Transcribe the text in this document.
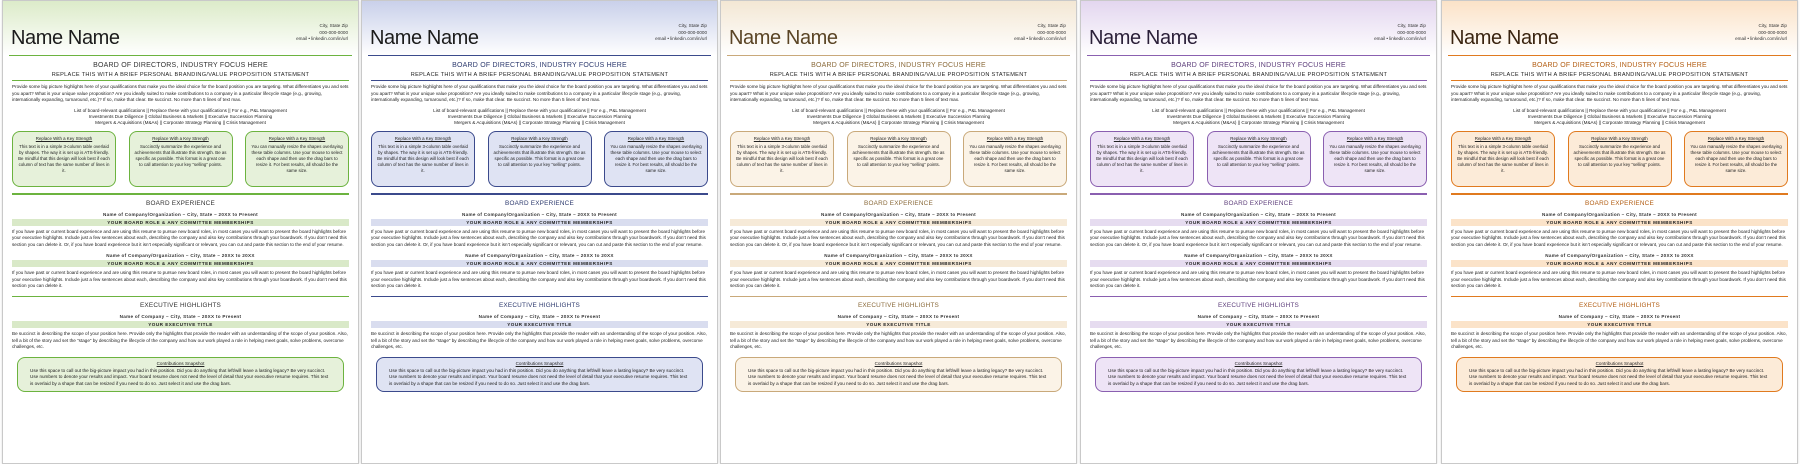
Name Name
City, State Zip
000-000-0000
email • linkedin.com/in/url
BOARD OF DIRECTORS, INDUSTRY FOCUS HERE
REPLACE THIS WITH A BRIEF PERSONAL BRANDING/VALUE PROPOSITION STATEMENT
Provide some big picture highlights here of your qualifications that make you the ideal choice for the board position you are targeting. What differentiates you and sets you apart? What is your unique value proposition? Are you ideally suited to make contributions to a company in a particular lifecycle stage (e.g., growing, internationally expanding, turnaround, etc.)? If so, make that clear. Be succinct. No more than 5 lines of text max.
List of board-relevant qualifications || Replace these with your qualifications || For e.g., P&L Management
Investments Due Diligence || Global Business & Markets || Executive Succession Planning
Mergers & Acquisitions (M&As) || Corporate Strategy Planning || Crisis Management
Replace With a Key Strength
This text is in a simple 3-column table overlaid by shapes. The way it is set up is ATS-friendly. Be mindful that this design will look best if each column of text has the same number of lines in it.
Replace With a Key Strength
Succinctly summarize the experience and achievements that illustrate this strength. Be as specific as possible. This format is a great one to call attention to your key “selling” points.
Replace With a Key Strength
You can manually resize the shapes overlaying these table columns. Use your mouse to select each shape and then use the drag bars to resize it. For best results, all should be the same size.
BOARD EXPERIENCE
Name of Company/Organization – City, State – 20XX to Present
YOUR BOARD ROLE & ANY COMMITTEE MEMBERSHIPS
If you have past or current board experience and are using this resume to pursue new board roles, in most cases you will want to present the board highlights before your executive highlights. Include just a few sentences about each, describing the company and also key contributions through your boardwork. If you don’t need this section you can delete it. Or, if you have board experience but it isn’t especially significant or relevant, you can cut and paste this section to the end of your resume.
Name of Company/Organization – City, State – 20XX to 20XX
YOUR BOARD ROLE & ANY COMMITTEE MEMBERSHIPS
If you have past or current board experience and are using this resume to pursue new board roles, in most cases you will want to present the board highlights before your executive highlights. Include just a few sentences about each, describing the company and also key contributions through your boardwork. If you don’t need this section you can delete it.
EXECUTIVE HIGHLIGHTS
Name of Company – City, State – 20XX to Present
YOUR EXECUTIVE TITLE
Be succinct in describing the scope of your position here. Provide only the highlights that provide the reader with an understanding of the scope of your position. Also, tell a bit of the story and set the “stage” by describing the lifecycle of the company and how our work played a role in helping meet goals, solve problems, overcome challenges, etc.
Contributions Snapshot
Use this space to call out the big-picture impact you had in this position. Did you do anything that left/will leave a lasting legacy? Be very succinct. Use numbers to denote your results and impact. Your board resume does not need the level of detail that your executive resume requires. This text is overlaid by a shape that can be resized if you need to do so. Just select it and use the drag bars.
Name Name
City, State Zip
000-000-0000
email • linkedin.com/in/url
BOARD OF DIRECTORS, INDUSTRY FOCUS HERE
REPLACE THIS WITH A BRIEF PERSONAL BRANDING/VALUE PROPOSITION STATEMENT
Provide some big picture highlights here of your qualifications that make you the ideal choice for the board position you are targeting. What differentiates you and sets you apart? What is your unique value proposition? Are you ideally suited to make contributions to a company in a particular lifecycle stage (e.g., growing, internationally expanding, turnaround, etc.)? If so, make that clear. Be succinct. No more than 5 lines of text max.
List of board-relevant qualifications || Replace these with your qualifications || For e.g., P&L Management
Investments Due Diligence || Global Business & Markets || Executive Succession Planning
Mergers & Acquisitions (M&As) || Corporate Strategy Planning || Crisis Management
Replace With a Key Strength
This text is in a simple 3-column table overlaid by shapes. The way it is set up is ATS-friendly. Be mindful that this design will look best if each column of text has the same number of lines in it.
Replace With a Key Strength
Succinctly summarize the experience and achievements that illustrate this strength. Be as specific as possible. This format is a great one to call attention to your key “selling” points.
Replace With a Key Strength
You can manually resize the shapes overlaying these table columns. Use your mouse to select each shape and then use the drag bars to resize it. For best results, all should be the same size.
BOARD EXPERIENCE
Name of Company/Organization – City, State – 20XX to Present
YOUR BOARD ROLE & ANY COMMITTEE MEMBERSHIPS
If you have past or current board experience and are using this resume to pursue new board roles, in most cases you will want to present the board highlights before your executive highlights. Include just a few sentences about each, describing the company and also key contributions through your boardwork. If you don’t need this section you can delete it. Or, if you have board experience but it isn’t especially significant or relevant, you can cut and paste this section to the end of your resume.
Name of Company/Organization – City, State – 20XX to 20XX
YOUR BOARD ROLE & ANY COMMITTEE MEMBERSHIPS
If you have past or current board experience and are using this resume to pursue new board roles, in most cases you will want to present the board highlights before your executive highlights. Include just a few sentences about each, describing the company and also key contributions through your boardwork. If you don’t need this section you can delete it.
EXECUTIVE HIGHLIGHTS
Name of Company – City, State – 20XX to Present
YOUR EXECUTIVE TITLE
Be succinct in describing the scope of your position here. Provide only the highlights that provide the reader with an understanding of the scope of your position. Also, tell a bit of the story and set the “stage” by describing the lifecycle of the company and how our work played a role in helping meet goals, solve problems, overcome challenges, etc.
Contributions Snapshot
Use this space to call out the big-picture impact you had in this position. Did you do anything that left/will leave a lasting legacy? Be very succinct. Use numbers to denote your results and impact. Your board resume does not need the level of detail that your executive resume requires. This text is overlaid by a shape that can be resized if you need to do so. Just select it and use the drag bars.
Name Name
City, State Zip
000-000-0000
email • linkedin.com/in/url
BOARD OF DIRECTORS, INDUSTRY FOCUS HERE
REPLACE THIS WITH A BRIEF PERSONAL BRANDING/VALUE PROPOSITION STATEMENT
Provide some big picture highlights here of your qualifications that make you the ideal choice for the board position you are targeting. What differentiates you and sets you apart? What is your unique value proposition? Are you ideally suited to make contributions to a company in a particular lifecycle stage (e.g., growing, internationally expanding, turnaround, etc.)? If so, make that clear. Be succinct. No more than 5 lines of text max.
List of board-relevant qualifications || Replace these with your qualifications || For e.g., P&L Management
Investments Due Diligence || Global Business & Markets || Executive Succession Planning
Mergers & Acquisitions (M&As) || Corporate Strategy Planning || Crisis Management
Replace With a Key Strength
This text is in a simple 3-column table overlaid by shapes. The way it is set up is ATS-friendly. Be mindful that this design will look best if each column of text has the same number of lines in it.
Replace With a Key Strength
Succinctly summarize the experience and achievements that illustrate this strength. Be as specific as possible. This format is a great one to call attention to your key “selling” points.
Replace With a Key Strength
You can manually resize the shapes overlaying these table columns. Use your mouse to select each shape and then use the drag bars to resize it. For best results, all should be the same size.
BOARD EXPERIENCE
Name of Company/Organization – City, State – 20XX to Present
YOUR BOARD ROLE & ANY COMMITTEE MEMBERSHIPS
If you have past or current board experience and are using this resume to pursue new board roles, in most cases you will want to present the board highlights before your executive highlights. Include just a few sentences about each, describing the company and also key contributions through your boardwork. If you don’t need this section you can delete it. Or, if you have board experience but it isn’t especially significant or relevant, you can cut and paste this section to the end of your resume.
Name of Company/Organization – City, State – 20XX to 20XX
YOUR BOARD ROLE & ANY COMMITTEE MEMBERSHIPS
If you have past or current board experience and are using this resume to pursue new board roles, in most cases you will want to present the board highlights before your executive highlights. Include just a few sentences about each, describing the company and also key contributions through your boardwork. If you don’t need this section you can delete it.
EXECUTIVE HIGHLIGHTS
Name of Company – City, State – 20XX to Present
YOUR EXECUTIVE TITLE
Be succinct in describing the scope of your position here. Provide only the highlights that provide the reader with an understanding of the scope of your position. Also, tell a bit of the story and set the “stage” by describing the lifecycle of the company and how our work played a role in helping meet goals, solve problems, overcome challenges, etc.
Contributions Snapshot
Use this space to call out the big-picture impact you had in this position. Did you do anything that left/will leave a lasting legacy? Be very succinct. Use numbers to denote your results and impact. Your board resume does not need the level of detail that your executive resume requires. This text is overlaid by a shape that can be resized if you need to do so. Just select it and use the drag bars.
Name Name
City, State Zip
000-000-0000
email • linkedin.com/in/url
BOARD OF DIRECTORS, INDUSTRY FOCUS HERE
REPLACE THIS WITH A BRIEF PERSONAL BRANDING/VALUE PROPOSITION STATEMENT
Provide some big picture highlights here of your qualifications that make you the ideal choice for the board position you are targeting. What differentiates you and sets you apart? What is your unique value proposition? Are you ideally suited to make contributions to a company in a particular lifecycle stage (e.g., growing, internationally expanding, turnaround, etc.)? If so, make that clear. Be succinct. No more than 5 lines of text max.
List of board-relevant qualifications || Replace these with your qualifications || For e.g., P&L Management
Investments Due Diligence || Global Business & Markets || Executive Succession Planning
Mergers & Acquisitions (M&As) || Corporate Strategy Planning || Crisis Management
Replace With a Key Strength
This text is in a simple 3-column table overlaid by shapes. The way it is set up is ATS-friendly. Be mindful that this design will look best if each column of text has the same number of lines in it.
Replace With a Key Strength
Succinctly summarize the experience and achievements that illustrate this strength. Be as specific as possible. This format is a great one to call attention to your key “selling” points.
Replace With a Key Strength
You can manually resize the shapes overlaying these table columns. Use your mouse to select each shape and then use the drag bars to resize it. For best results, all should be the same size.
BOARD EXPERIENCE
Name of Company/Organization – City, State – 20XX to Present
YOUR BOARD ROLE & ANY COMMITTEE MEMBERSHIPS
If you have past or current board experience and are using this resume to pursue new board roles, in most cases you will want to present the board highlights before your executive highlights. Include just a few sentences about each, describing the company and also key contributions through your boardwork. If you don’t need this section you can delete it. Or, if you have board experience but it isn’t especially significant or relevant, you can cut and paste this section to the end of your resume.
Name of Company/Organization – City, State – 20XX to 20XX
YOUR BOARD ROLE & ANY COMMITTEE MEMBERSHIPS
If you have past or current board experience and are using this resume to pursue new board roles, in most cases you will want to present the board highlights before your executive highlights. Include just a few sentences about each, describing the company and also key contributions through your boardwork. If you don’t need this section you can delete it.
EXECUTIVE HIGHLIGHTS
Name of Company – City, State – 20XX to Present
YOUR EXECUTIVE TITLE
Be succinct in describing the scope of your position here. Provide only the highlights that provide the reader with an understanding of the scope of your position. Also, tell a bit of the story and set the “stage” by describing the lifecycle of the company and how our work played a role in helping meet goals, solve problems, overcome challenges, etc.
Contributions Snapshot
Use this space to call out the big-picture impact you had in this position. Did you do anything that left/will leave a lasting legacy? Be very succinct. Use numbers to denote your results and impact. Your board resume does not need the level of detail that your executive resume requires. This text is overlaid by a shape that can be resized if you need to do so. Just select it and use the drag bars.
Name Name
City, State Zip
000-000-0000
email • linkedin.com/in/url
BOARD OF DIRECTORS, INDUSTRY FOCUS HERE
REPLACE THIS WITH A BRIEF PERSONAL BRANDING/VALUE PROPOSITION STATEMENT
Provide some big picture highlights here of your qualifications that make you the ideal choice for the board position you are targeting. What differentiates you and sets you apart? What is your unique value proposition? Are you ideally suited to make contributions to a company in a particular lifecycle stage (e.g., growing, internationally expanding, turnaround, etc.)? If so, make that clear. Be succinct. No more than 5 lines of text max.
List of board-relevant qualifications || Replace these with your qualifications || For e.g., P&L Management
Investments Due Diligence || Global Business & Markets || Executive Succession Planning
Mergers & Acquisitions (M&As) || Corporate Strategy Planning || Crisis Management
Replace With a Key Strength
This text is in a simple 3-column table overlaid by shapes. The way it is set up is ATS-friendly. Be mindful that this design will look best if each column of text has the same number of lines in it.
Replace With a Key Strength
Succinctly summarize the experience and achievements that illustrate this strength. Be as specific as possible. This format is a great one to call attention to your key “selling” points.
Replace With a Key Strength
You can manually resize the shapes overlaying these table columns. Use your mouse to select each shape and then use the drag bars to resize it. For best results, all should be the same size.
BOARD EXPERIENCE
Name of Company/Organization – City, State – 20XX to Present
YOUR BOARD ROLE & ANY COMMITTEE MEMBERSHIPS
If you have past or current board experience and are using this resume to pursue new board roles, in most cases you will want to present the board highlights before your executive highlights. Include just a few sentences about each, describing the company and also key contributions through your boardwork. If you don’t need this section you can delete it. Or, if you have board experience but it isn’t especially significant or relevant, you can cut and paste this section to the end of your resume.
Name of Company/Organization – City, State – 20XX to 20XX
YOUR BOARD ROLE & ANY COMMITTEE MEMBERSHIPS
If you have past or current board experience and are using this resume to pursue new board roles, in most cases you will want to present the board highlights before your executive highlights. Include just a few sentences about each, describing the company and also key contributions through your boardwork. If you don’t need this section you can delete it.
EXECUTIVE HIGHLIGHTS
Name of Company – City, State – 20XX to Present
YOUR EXECUTIVE TITLE
Be succinct in describing the scope of your position here. Provide only the highlights that provide the reader with an understanding of the scope of your position. Also, tell a bit of the story and set the “stage” by describing the lifecycle of the company and how our work played a role in helping meet goals, solve problems, overcome challenges, etc.
Contributions Snapshot
Use this space to call out the big-picture impact you had in this position. Did you do anything that left/will leave a lasting legacy? Be very succinct. Use numbers to denote your results and impact. Your board resume does not need the level of detail that your executive resume requires. This text is overlaid by a shape that can be resized if you need to do so. Just select it and use the drag bars.
